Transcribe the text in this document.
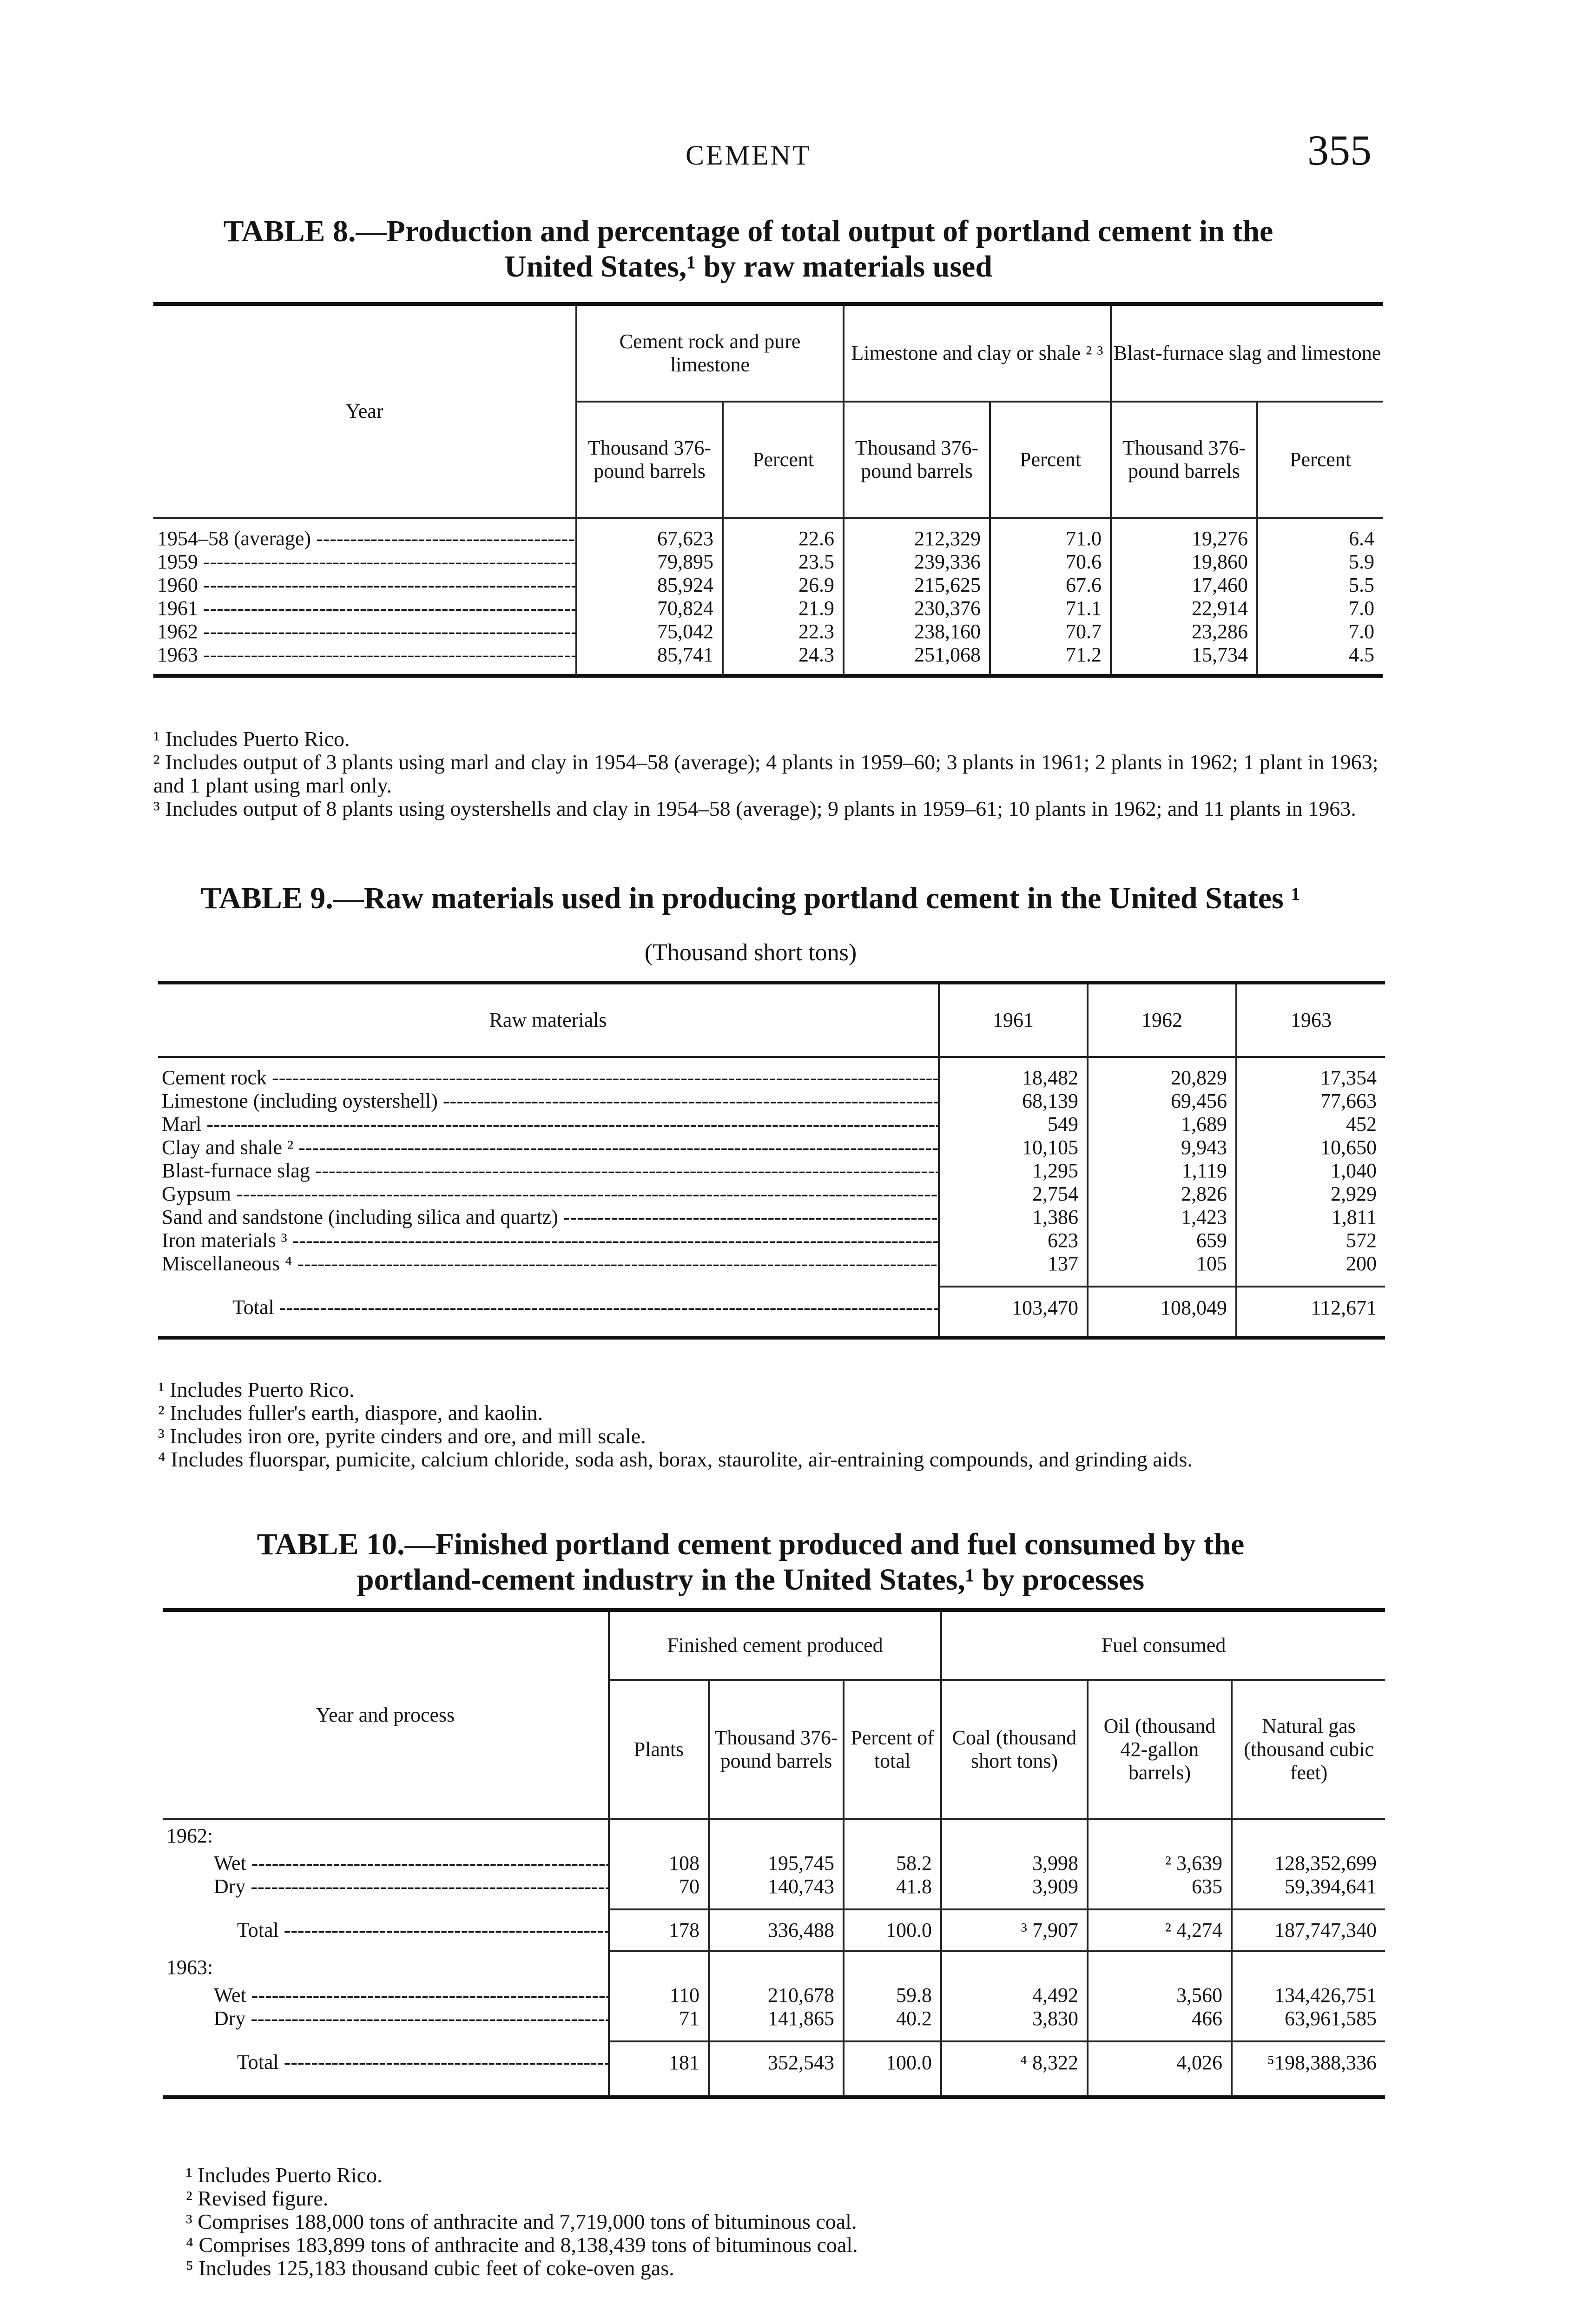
CEMENT	355
TABLE 8.—Production and percentage of total output of portland cement in the
United States,¹ by raw materials used
Year	Cement rock and pure limestone		Limestone and clay or shale ² ³		Blast-furnace slag and limestone	
	Thousand 376-pound barrels	Percent	Thousand 376-pound barrels	Percent	Thousand 376-pound barrels	Percent

1954–58 (average) -----	67,623	22.6	212,329	71.0	19,276	6.4
1959 -----	79,895	23.5	239,336	70.6	19,860	5.9
1960 -----	85,924	26.9	215,625	67.6	17,460	5.5
1961 -----	70,824	21.9	230,376	71.1	22,914	7.0
1962 -----	75,042	22.3	238,160	70.7	23,286	7.0
1963 -----	85,741	24.3	251,068	71.2	15,734	4.5

¹ Includes Puerto Rico.
² Includes output of 3 plants using marl and clay in 1954–58 (average); 4 plants in 1959–60; 3 plants in 1961; 2 plants in 1962; 1 plant in 1963; and 1 plant using marl only.
³ Includes output of 8 plants using oystershells and clay in 1954–58 (average); 9 plants in 1959–61; 10 plants in 1962; and 11 plants in 1963.
TABLE 9.—Raw materials used in producing portland cement in the United States ¹
(Thousand short tons)
Raw materials	1961	1962	1963

Cement rock -----	18,482	20,829	17,354
Limestone (including oystershell) -----	68,139	69,456	77,663
Marl -----	549	1,689	452
Clay and shale ² -----	10,105	9,943	10,650
Blast-furnace slag -----	1,295	1,119	1,040
Gypsum -----	2,754	2,826	2,929
Sand and sandstone (including silica and quartz) -----	1,386	1,423	1,811
Iron materials ³ -----	623	659	572
Miscellaneous ⁴ -----	137	105	200

Total -----	103,470	108,049	112,671

¹ Includes Puerto Rico.
² Includes fuller's earth, diaspore, and kaolin.
³ Includes iron ore, pyrite cinders and ore, and mill scale.
⁴ Includes fluorspar, pumicite, calcium chloride, soda ash, borax, staurolite, air-entraining compounds, and grinding aids.
TABLE 10.—Finished portland cement produced and fuel consumed by the
portland-cement industry in the United States,¹ by processes
Year and process	Finished cement produced			Fuel consumed		
	Plants	Thousand 376-pound barrels	Percent of total	Coal (thousand short tons)	Oil (thousand 42-gallon barrels)	Natural gas (thousand cubic feet)
1962:						
Wet -----	108	195,745	58.2	3,998	² 3,639	128,352,699
Dry -----	70	140,743	41.8	3,909	635	59,394,641

Total -----	178	336,488	100.0	³ 7,907	² 4,274	187,747,340
1963:						
Wet -----	110	210,678	59.8	4,492	3,560	134,426,751
Dry -----	71	141,865	40.2	3,830	466	63,961,585

Total -----	181	352,543	100.0	⁴ 8,322	4,026	⁵198,388,336

¹ Includes Puerto Rico.
² Revised figure.
³ Comprises 188,000 tons of anthracite and 7,719,000 tons of bituminous coal.
⁴ Comprises 183,899 tons of anthracite and 8,138,439 tons of bituminous coal.
⁵ Includes 125,183 thousand cubic feet of coke-oven gas.
